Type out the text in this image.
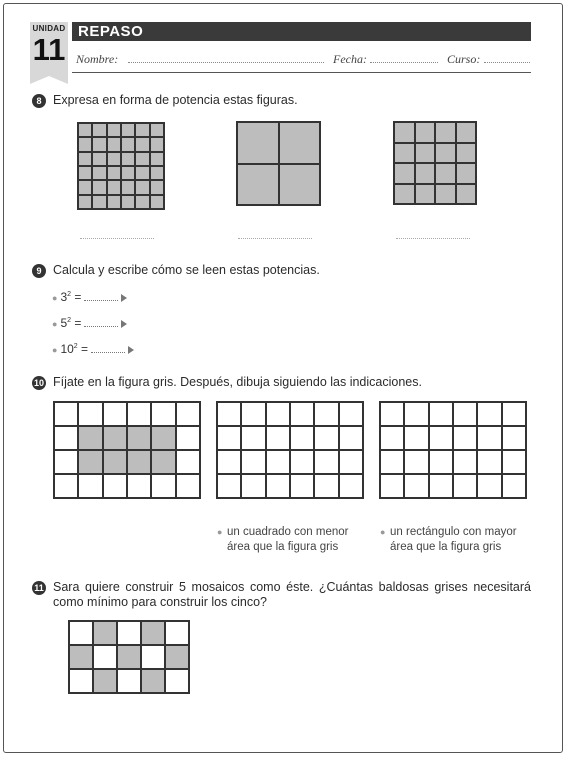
UNIDAD
11
REPASO
Nombre:	Fecha:	Curso:
8 Expresa en forma de potencia estas figuras.
9 Calcula y escribe cómo se leen estas potencias.
● $3^2$ =
● $5^2$ =
● $10^2$ =
10 Fíjate en la figura gris. Después, dibuja siguiendo las indicaciones.
● un cuadrado con menor
área que la figura gris
● un rectángulo con mayor
área que la figura gris
11 Sara quiere construir 5 mosaicos como éste. ¿Cuántas baldosas grises necesitará
como mínimo para construir los cinco?
